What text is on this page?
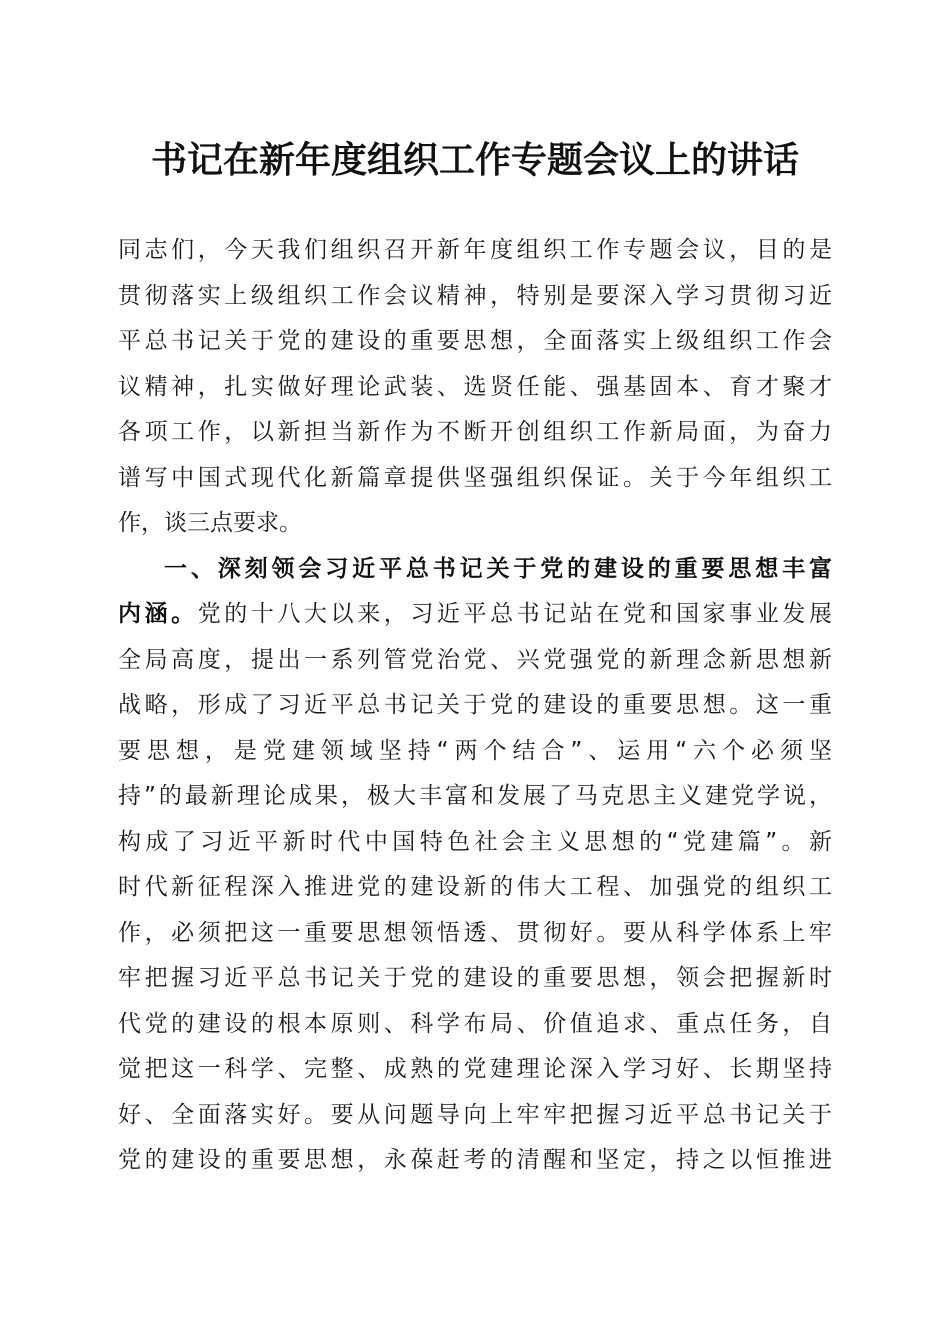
书记在新年度组织工作专题会议上的讲话
同志们，今天我们组织召开新年度组织工作专题会议，目的是
贯彻落实上级组织工作会议精神，特别是要深入学习贯彻习近
平总书记关于党的建设的重要思想，全面落实上级组织工作会
议精神，扎实做好理论武装、选贤任能、强基固本、育才聚才
各项工作，以新担当新作为不断开创组织工作新局面，为奋力
谱写中国式现代化新篇章提供坚强组织保证。关于今年组织工
作，谈三点要求。
一、深刻领会习近平总书记关于党的建设的重要思想丰富
内涵。党的十八大以来，习近平总书记站在党和国家事业发展
全局高度，提出一系列管党治党、兴党强党的新理念新思想新
战略，形成了习近平总书记关于党的建设的重要思想。这一重
要思想，是党建领域坚持“两个结合”、运用“六个必须坚
持”的最新理论成果，极大丰富和发展了马克思主义建党学说，
构成了习近平新时代中国特色社会主义思想的“党建篇”。新
时代新征程深入推进党的建设新的伟大工程、加强党的组织工
作，必须把这一重要思想领悟透、贯彻好。要从科学体系上牢
牢把握习近平总书记关于党的建设的重要思想，领会把握新时
代党的建设的根本原则、科学布局、价值追求、重点任务，自
觉把这一科学、完整、成熟的党建理论深入学习好、长期坚持
好、全面落实好。要从问题导向上牢牢把握习近平总书记关于
党的建设的重要思想，永葆赶考的清醒和坚定，持之以恒推进
